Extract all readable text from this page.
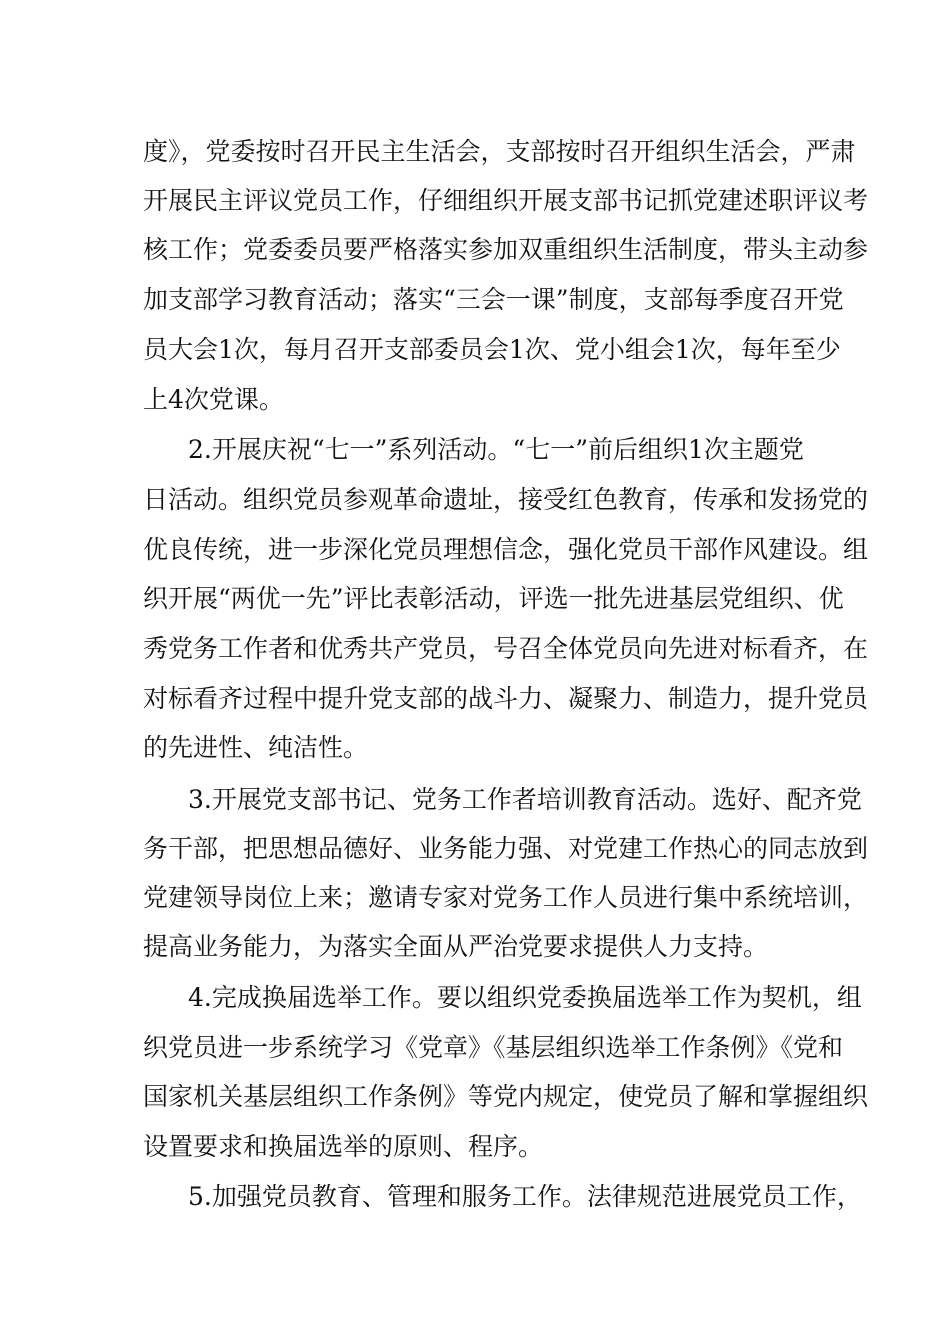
度》，党委按时召开民主生活会，支部按时召开组织生活会，严肃
开展民主评议党员工作，仔细组织开展支部书记抓党建述职评议考
核工作；党委委员要严格落实参加双重组织生活制度，带头主动参
加支部学习教育活动；落实“三会一课”制度，支部每季度召开党
员大会1次，每月召开支部委员会1次、党小组会1次，每年至少
上4次党课。
2.开展庆祝“七一”系列活动。“七一”前后组织1次主题党
日活动。组织党员参观革命遗址，接受红色教育，传承和发扬党的
优良传统，进一步深化党员理想信念，强化党员干部作风建设。组
织开展“两优一先”评比表彰活动，评选一批先进基层党组织、优
秀党务工作者和优秀共产党员，号召全体党员向先进对标看齐，在
对标看齐过程中提升党支部的战斗力、凝聚力、制造力，提升党员
的先进性、纯洁性。
3.开展党支部书记、党务工作者培训教育活动。选好、配齐党
务干部，把思想品德好、业务能力强、对党建工作热心的同志放到
党建领导岗位上来；邀请专家对党务工作人员进行集中系统培训，
提高业务能力，为落实全面从严治党要求提供人力支持。
4.完成换届选举工作。要以组织党委换届选举工作为契机，组
织党员进一步系统学习《党章》《基层组织选举工作条例》《党和
国家机关基层组织工作条例》等党内规定，使党员了解和掌握组织
设置要求和换届选举的原则、程序。
5.加强党员教育、管理和服务工作。法律规范进展党员工作，
